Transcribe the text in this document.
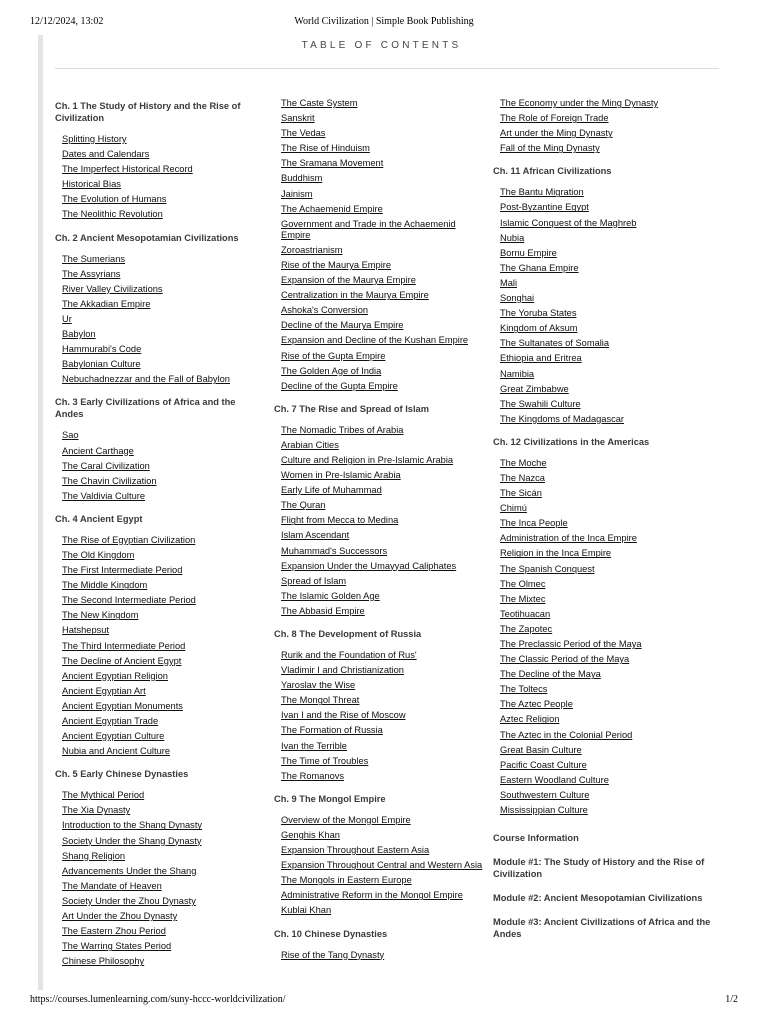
12/12/2024, 13:02	World Civilization | Simple Book Publishing
TABLE OF CONTENTS
Ch. 1 The Study of History and the Rise of Civilization
Splitting History
Dates and Calendars
The Imperfect Historical Record
Historical Bias
The Evolution of Humans
The Neolithic Revolution
Ch. 2 Ancient Mesopotamian Civilizations
The Sumerians
The Assyrians
River Valley Civilizations
The Akkadian Empire
Ur
Babylon
Hammurabi's Code
Babylonian Culture
Nebuchadnezzar and the Fall of Babylon
Ch. 3 Early Civilizations of Africa and the Andes
Sao
Ancient Carthage
The Caral Civilization
The Chavin Civilization
The Valdivia Culture
Ch. 4 Ancient Egypt
The Rise of Egyptian Civilization
The Old Kingdom
The First Intermediate Period
The Middle Kingdom
The Second Intermediate Period
The New Kingdom
Hatshepsut
The Third Intermediate Period
The Decline of Ancient Egypt
Ancient Egyptian Religion
Ancient Egyptian Art
Ancient Egyptian Monuments
Ancient Egyptian Trade
Ancient Egyptian Culture
Nubia and Ancient Culture
Ch. 5 Early Chinese Dynasties
The Mythical Period
The Xia Dynasty
Introduction to the Shang Dynasty
Society Under the Shang Dynasty
Shang Religion
Advancements Under the Shang
The Mandate of Heaven
Society Under the Zhou Dynasty
Art Under the Zhou Dynasty
The Eastern Zhou Period
The Warring States Period
Chinese Philosophy
The Caste System
Sanskrit
The Vedas
The Rise of Hinduism
The Sramana Movement
Buddhism
Jainism
The Achaemenid Empire
Government and Trade in the Achaemenid Empire
Zoroastrianism
Rise of the Maurya Empire
Expansion of the Maurya Empire
Centralization in the Maurya Empire
Ashoka's Conversion
Decline of the Maurya Empire
Expansion and Decline of the Kushan Empire
Rise of the Gupta Empire
The Golden Age of India
Decline of the Gupta Empire
Ch. 7 The Rise and Spread of Islam
The Nomadic Tribes of Arabia
Arabian Cities
Culture and Religion in Pre-Islamic Arabia
Women in Pre-Islamic Arabia
Early Life of Muhammad
The Quran
Flight from Mecca to Medina
Islam Ascendant
Muhammad's Successors
Expansion Under the Umayyad Caliphates
Spread of Islam
The Islamic Golden Age
The Abbasid Empire
Ch. 8 The Development of Russia
Rurik and the Foundation of Rus'
Vladimir I and Christianization
Yaroslav the Wise
The Mongol Threat
Ivan I and the Rise of Moscow
The Formation of Russia
Ivan the Terrible
The Time of Troubles
The Romanovs
Ch. 9 The Mongol Empire
Overview of the Mongol Empire
Genghis Khan
Expansion Throughout Eastern Asia
Expansion Throughout Central and Western Asia
The Mongols in Eastern Europe
Administrative Reform in the Mongol Empire
Kublai Khan
Ch. 10 Chinese Dynasties
Rise of the Tang Dynasty
The Economy under the Ming Dynasty
The Role of Foreign Trade
Art under the Ming Dynasty
Fall of the Ming Dynasty
Ch. 11 African Civilizations
The Bantu Migration
Post-Byzantine Egypt
Islamic Conquest of the Maghreb
Nubia
Bornu Empire
The Ghana Empire
Mali
Songhai
The Yoruba States
Kingdom of Aksum
The Sultanates of Somalia
Ethiopia and Eritrea
Namibia
Great Zimbabwe
The Swahili Culture
The Kingdoms of Madagascar
Ch. 12 Civilizations in the Americas
The Moche
The Nazca
The Sicán
Chimú
The Inca People
Administration of the Inca Empire
Religion in the Inca Empire
The Spanish Conquest
The Olmec
The Mixtec
Teotihuacan
The Zapotec
The Preclassic Period of the Maya
The Classic Period of the Maya
The Decline of the Maya
The Toltecs
The Aztec People
Aztec Religion
The Aztec in the Colonial Period
Great Basin Culture
Pacific Coast Culture
Eastern Woodland Culture
Southwestern Culture
Mississippian Culture
Course Information
Module #1: The Study of History and the Rise of Civilization
Module #2: Ancient Mesopotamian Civilizations
Module #3: Ancient Civilizations of Africa and the Andes
https://courses.lumenlearning.com/suny-hccc-worldcivilization/	1/2
